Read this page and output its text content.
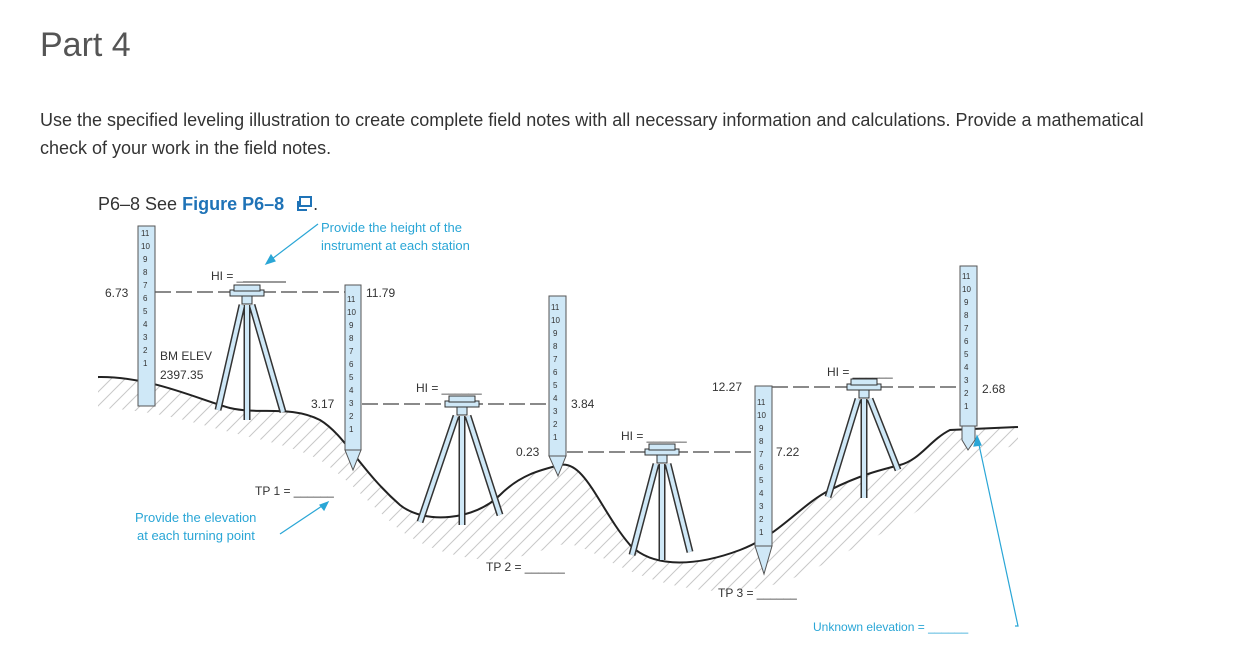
Part 4

Use the specified leveling illustration to create complete field notes with all necessary information and calculations. Provide a mathematical check of your work in the field notes.

P6–8 See Figure P6–8 .
11
10
9
8
7
6
5
4
3
2
1
11
10
9
8
7
6
5
4
3
2
1
11
10
9
8
7
6
5
4
3
2
1
11
10
9
8
7
6
5
4
3
2
1
11
10
9
8
7
6
5
4
3
2
1
Provide the height of the
instrument at each station
Provide the elevation
at each turning point
HI = ______
HI = ______
HI = ______
HI = ______
BM ELEV
2397.35
6.73	11.79
3.17	3.84
0.23	7.22
12.27	2.68
TP 1 = ______
TP 2 = ______
TP 3 = ______
Unknown elevation = ______
